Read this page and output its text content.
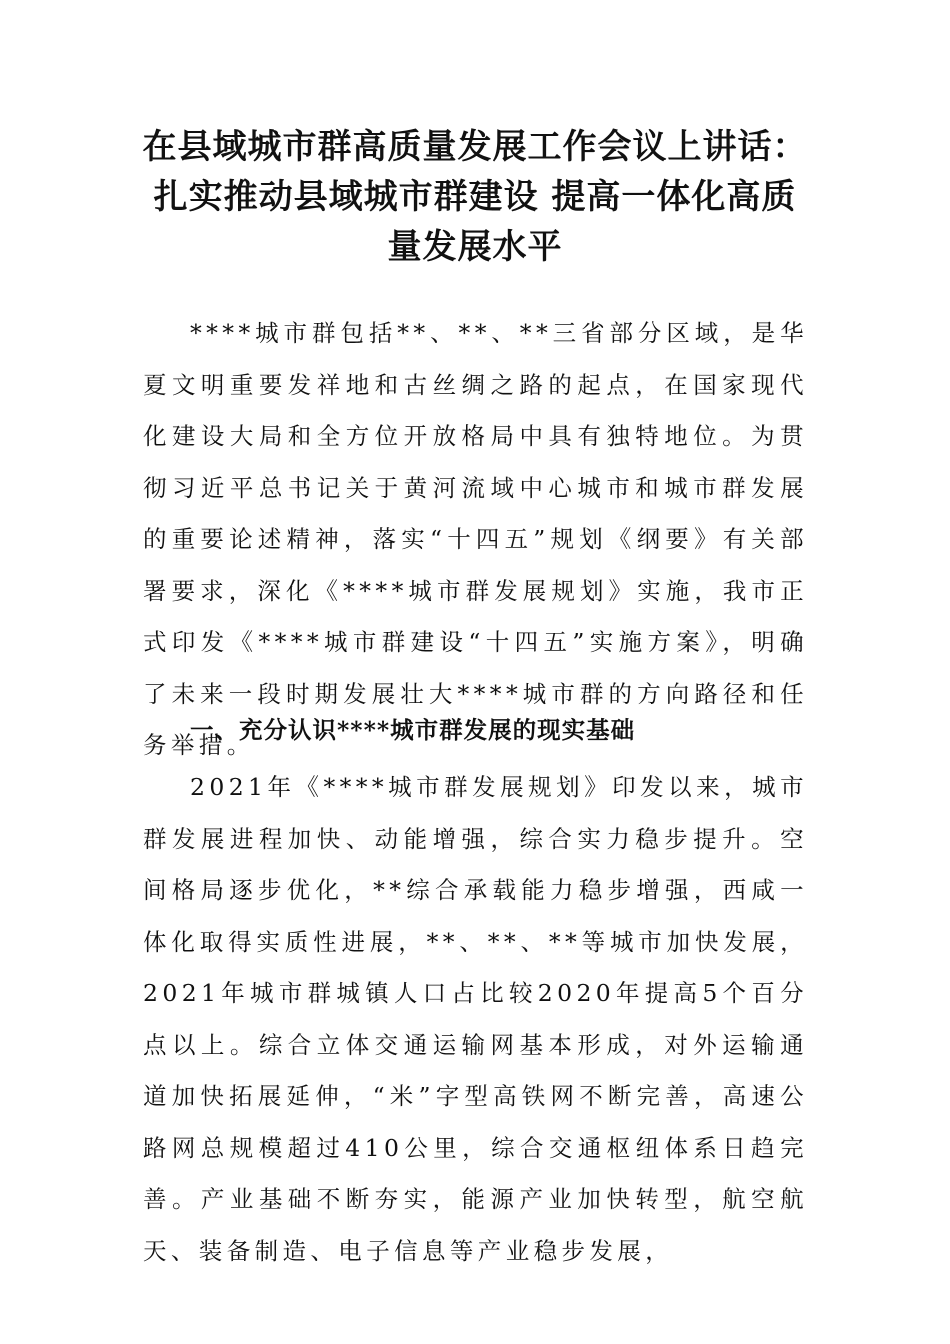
在县域城市群高质量发展工作会议上讲话：
扎实推动县域城市群建设 提高一体化高质
量发展水平

****城市群包括**、**、**三省部分区域，是华夏文明重要发祥地和古丝绸之路的起点，在国家现代化建设大局和全方位开放格局中具有独特地位。为贯彻习近平总书记关于黄河流域中心城市和城市群发展的重要论述精神，落实“十四五”规划《纲要》有关部署要求，深化《****城市群发展规划》实施，我市正式印发《****城市群建设“十四五”实施方案》，明确了未来一段时期发展壮大****城市群的方向路径和任务举措。

一、充分认识****城市群发展的现实基础

2021年《****城市群发展规划》印发以来，城市群发展进程加快、动能增强，综合实力稳步提升。空间格局逐步优化，**综合承载能力稳步增强，西咸一体化取得实质性进展，**、**、**等城市加快发展，2021年城市群城镇人口占比较2020年提高5个百分点以上。综合立体交通运输网基本形成，对外运输通道加快拓展延伸，“米”字型高铁网不断完善，高速公路网总规模超过410公里，综合交通枢纽体系日趋完善。产业基础不断夯实，能源产业加快转型，航空航天、装备制造、电子信息等产业稳步发展，
